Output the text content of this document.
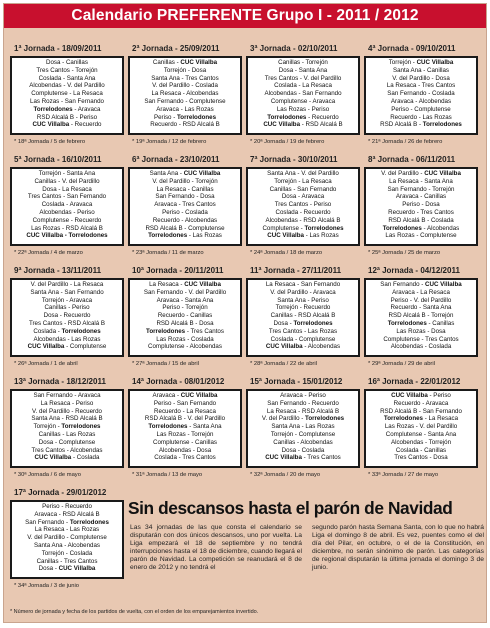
Calendario PREFERENTE Grupo I - 2011 / 2012
1ª Jornada - 18/09/2011
Dosa - Canillas
Tres Cantos - Torrejón
Coslada - Santa Ana
Alcobendas - V. del Pardillo
Complutense - La Resaca
Las Rozas - San Fernando
Torrelodones - Aravaca
RSD Alcalá B - Periso
CUC Villalba - Recuerdo
* 18ª Jornada / 5 de febrero
2ª Jornada - 25/09/2011
Canillas - CUC Villalba
Torrejón - Dosa
Santa Ana - Tres Cantos
V. del Pardillo - Coslada
La Resaca - Alcobendas
San Fernando - Complutense
Aravaca - Las Rozas
Periso - Torrelodones
Recuerdo - RSD Alcalá B
* 19ª Jornada / 12 de febrero
3ª Jornada - 02/10/2011
Canillas - Torrejón
Dosa - Santa Ana
Tres Cantos - V. del Pardillo
Coslada - La Resaca
Alcobendas - San Fernando
Complutense - Aravaca
Las Rozas - Periso
Torrelodones - Recuerdo
CUC Villalba - RSD Alcalá B
* 20ª Jornada / 19 de febrero
4ª Jornada - 09/10/2011
Torrejón - CUC Villalba
Santa Ana - Canillas
V. del Pardillo - Dosa
La Resaca - Tres Cantos
San Fernando - Coslada
Aravaca - Alcobendas
Periso - Complutense
Recuerdo - Las Rozas
RSD Alcalá B - Torrelodones
* 21ª Jornada / 26 de febrero
5ª Jornada - 16/10/2011
Torrejón - Santa Ana
Canillas - V. del Pardillo
Dosa - La Resaca
Tres Cantos - San Fernando
Coslada - Aravaca
Alcobendas - Periso
Complutense - Recuerdo
Las Rozas - RSD Alcalá B
CUC Villalba - Torrelodones
* 22ª Jornada / 4 de marzo
6ª Jornada - 23/10/2011
Santa Ana - CUC Villalba
V. del Pardillo - Torrejón
La Resaca - Canillas
San Fernando - Dosa
Aravaca - Tres Cantos
Periso - Coslada
Recuerdo - Alcobendas
RSD Alcalá B - Complutense
Torrelodones - Las Rozas
* 23ª Jornada / 11 de marzo
7ª Jornada - 30/10/2011
Santa Ana - V. del Pardillo
Torrejón - La Resaca
Canillas - San Fernando
Dosa - Aravaca
Tres Cantos - Periso
Coslada - Recuerdo
Alcobendas - RSD Alcalá B
Complutense - Torrelodones
CUC Villalba - Las Rozas
* 24ª Jornada / 18 de marzo
8ª Jornada - 06/11/2011
V. del Pardillo - CUC Villalba
La Resaca - Santa Ana
San Fernando - Torrejón
Aravaca - Canillas
Periso - Dosa
Recuerdo - Tres Cantos
RSD Alcalá B - Coslada
Torrelodones - Alcobendas
Las Rozas - Complutense
* 25ª Jornada / 25 de marzo
9ª Jornada - 13/11/2011
V. del Pardillo - La Resaca
Santa Ana - San Fernando
Torrejón - Aravaca
Canillas - Periso
Dosa - Recuerdo
Tres Cantos - RSD Alcalá B
Coslada - Torrelodones
Alcobendas - Las Rozas
CUC Villalba - Complutense
* 26ª Jornada / 1 de abril
10ª Jornada - 20/11/2011
La Resaca - CUC Villalba
San Fernando - V. del Pardillo
Aravaca - Santa Ana
Periso - Torrejón
Recuerdo - Canillas
RSD Alcalá B - Dosa
Torrelodones - Tres Cantos
Las Rozas - Coslada
Complutense - Alcobendas
* 27ª Jornada / 15 de abril
11ª Jornada - 27/11/2011
La Resaca - San Fernando
V. del Pardillo - Aravaca
Santa Ana - Periso
Torrejón - Recuerdo
Canillas - RSD Alcalá B
Dosa - Torrelodones
Tres Cantos - Las Rozas
Coslada - Complutense
CUC Villalba - Alcobendas
* 28ª Jornada / 22 de abril
12ª Jornada - 04/12/2011
San Fernando - CUC Villalba
Aravaca - La Resaca
Periso - V. del Pardillo
Recuerdo - Santa Ana
RSD Alcalá B - Torrejón
Torrelodones - Canillas
Las Rozas - Dosa
Complutense - Tres Cantos
Alcobendas - Coslada
* 29ª Jornada / 29 de abril
13ª Jornada - 18/12/2011
San Fernando - Aravaca
La Resaca - Periso
V. del Pardillo - Recuerdo
Santa Ana - RSD Alcalá B
Torrejón - Torrelodones
Canillas - Las Rozas
Dosa - Complutense
Tres Cantos - Alcobendas
CUC Villalba - Coslada
* 30ª Jornada / 6 de mayo
14ª Jornada - 08/01/2012
Aravaca - CUC Villalba
Periso - San Fernando
Recuerdo - La Resaca
RSD Alcalá B - V. del Pardillo
Torrelodones - Santa Ana
Las Rozas - Torrejón
Complutense - Canillas
Alcobendas - Dosa
Coslada - Tres Cantos
* 31ª Jornada / 13 de mayo
15ª Jornada - 15/01/2012
Aravaca - Periso
San Fernando - Recuerdo
La Resaca - RSD Alcalá B
V. del Pardillo - Torrelodones
Santa Ana - Las Rozas
Torrejón - Complutense
Canillas - Alcobendas
Dosa - Coslada
CUC Villalba - Tres Cantos
* 32ª Jornada / 20 de mayo
16ª Jornada - 22/01/2012
CUC Villalba - Periso
Recuerdo - Aravaca
RSD Alcalá B - San Fernando
Torrelodones - La Resaca
Las Rozas - V. del Pardillo
Complutense - Santa Ana
Alcobendas - Torrejón
Coslada - Canillas
Tres Cantos - Dosa
* 33ª Jornada / 27 de mayo
17ª Jornada - 29/01/2012
Periso - Recuerdo
Aravaca - RSD Alcalá B
San Fernando - Torrelodones
La Resaca - Las Rozas
V. del Pardillo - Complutense
Santa Ana - Alcobendas
Torrejón - Coslada
Canillas - Tres Cantos
Dosa - CUC Villalba
* 34ª Jornada / 3 de junio
Sin descansos hasta el parón de Navidad
Las 34 jornadas de las que consta el calendario se disputarán con dos únicos descansos, uno por vuelta. La Liga empezará el 18 de septiembre y no tendrá interrupciones hasta el 18 de diciembre, cuando llegará el parón de Navidad. La competición se reanudará el 8 de enero de 2012 y no tendrá el
segundo parón hasta Semana Santa, con lo que no habrá Liga el domingo 8 de abril. Es vez, puentes como el del día del Pilar, en octubre, o el de la Constitución, en diciembre, no serán sinónimo de parón. Las categorías de regional disputarán la última jornada el domingo 3 de junio.
* Número de jornada y fecha de los partidos de vuelta, con el orden de los emparejamientos invertido.
